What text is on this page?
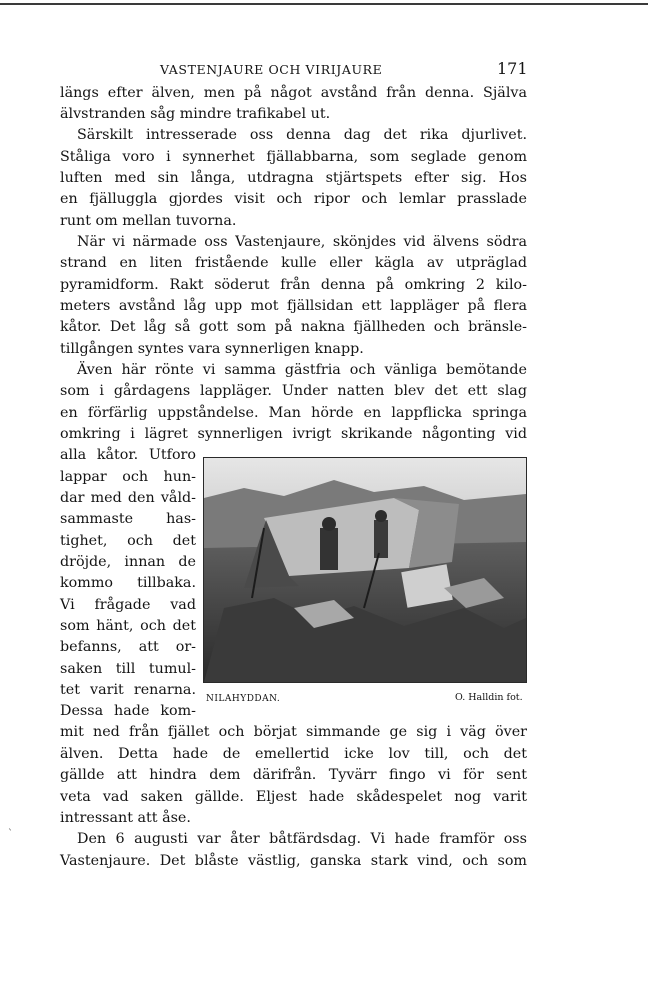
VASTENJAURE OCH VIRIJAURE	171
längs efter älven, men på något avstånd från denna. Själva
älvstranden såg mindre trafikabel ut.
Särskilt intresserade oss denna dag det rika djurlivet.
Ståliga voro i synnerhet fjällabbarna, som seglade genom
luften med sin långa, utdragna stjärtspets efter sig. Hos
en fjälluggla gjordes visit och ripor och lemlar prasslade
runt om mellan tuvorna.
När vi närmade oss Vastenjaure, skönjdes vid älvens södra
strand en liten fristående kulle eller kägla av utpräglad
pyramidform. Rakt söderut från denna på omkring 2 kilo-
meters avstånd låg upp mot fjällsidan ett lappläger på flera
kåtor. Det låg så gott som på nakna fjällheden och bränsle-
tillgången syntes vara synnerligen knapp.
Även här rönte vi samma gästfria och vänliga bemötande
som i gårdagens lappläger. Under natten blev det ett slag
en förfärlig uppståndelse. Man hörde en lappflicka springa
omkring i lägret synnerligen ivrigt skrikande någonting vid
alla kåtor. Utforo
lappar och hun-
dar med den våld-
sammaste has-
tighet, och det
dröjde, innan de
kommo tillbaka.
Vi frågade vad
som hänt, och det
befanns, att or-
saken till tumul-
tet varit renarna.
Dessa hade kom-
mit ned från fjället och börjat simmande ge sig i väg över
älven. Detta hade de emellertid icke lov till, och det
gällde att hindra dem därifrån. Tyvärr fingo vi för sent
veta vad saken gällde. Eljest hade skådespelet nog varit
intressant att åse.
Den 6 augusti var åter båtfärdsdag. Vi hade framför oss
Vastenjaure. Det blåste västlig, ganska stark vind, och som
NILAHYDDAN.	O. Halldin fot.
`
